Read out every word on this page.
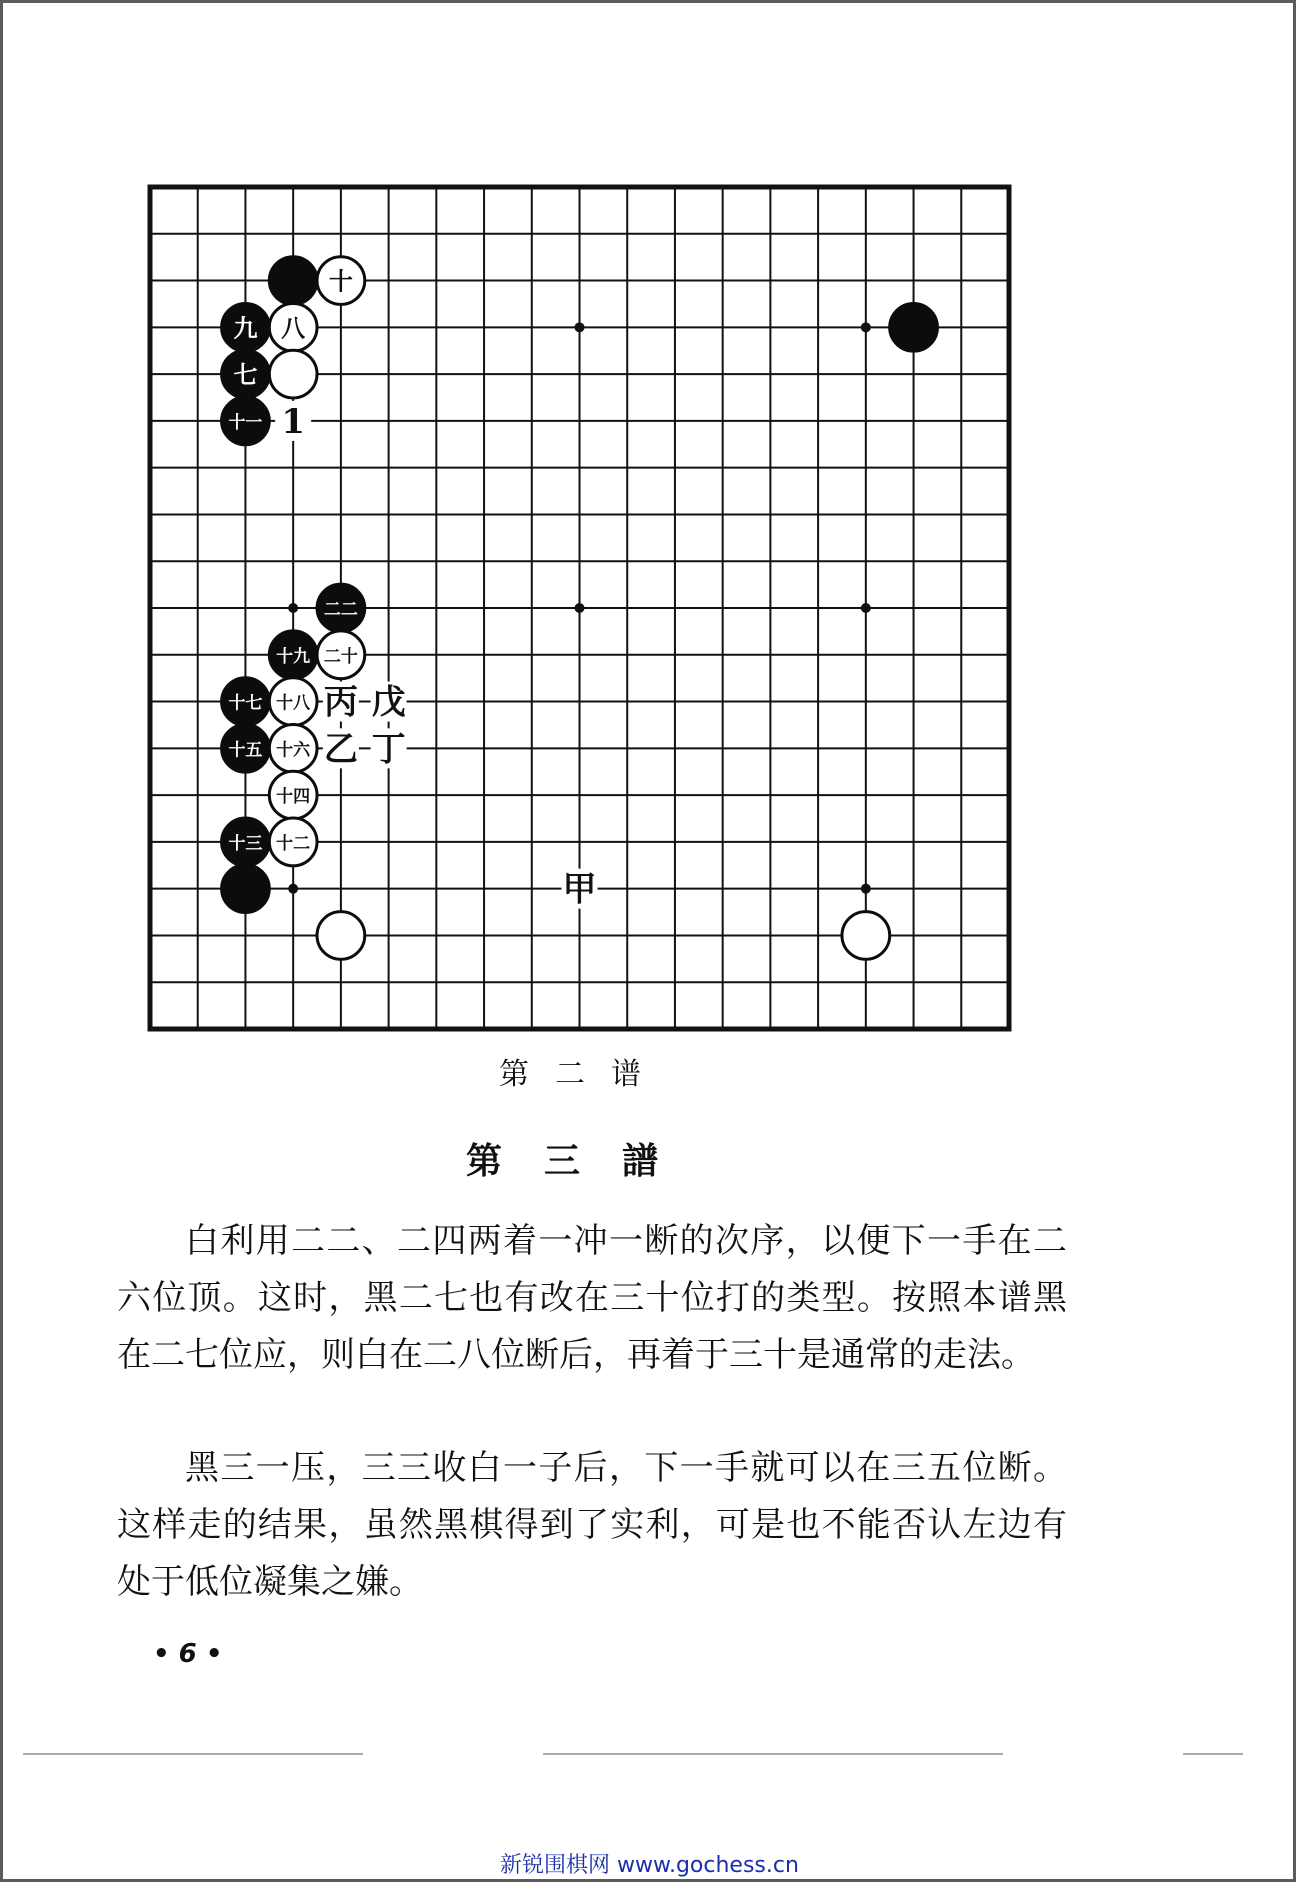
十
九 八
七
十一
二二
十九 二十
十七 十八
十五 十六
十四
十三 十二
1
丙 戊
乙 丁
甲
第二谱
第三譜

白利用二二、二四两着一冲一断的次序，以便下一手在二六位顶。这时，黑二七也有改在三十位打的类型。按照本谱黑在二七位应，则白在二八位断后，再着于三十是通常的走法。

黑三一压，三三收白一子后，下一手就可以在三五位断。这样走的结果，虽然黑棋得到了实利，可是也不能否认左边有处于低位凝集之嫌。

• 6 •
新锐围棋网 www.gochess.cn
